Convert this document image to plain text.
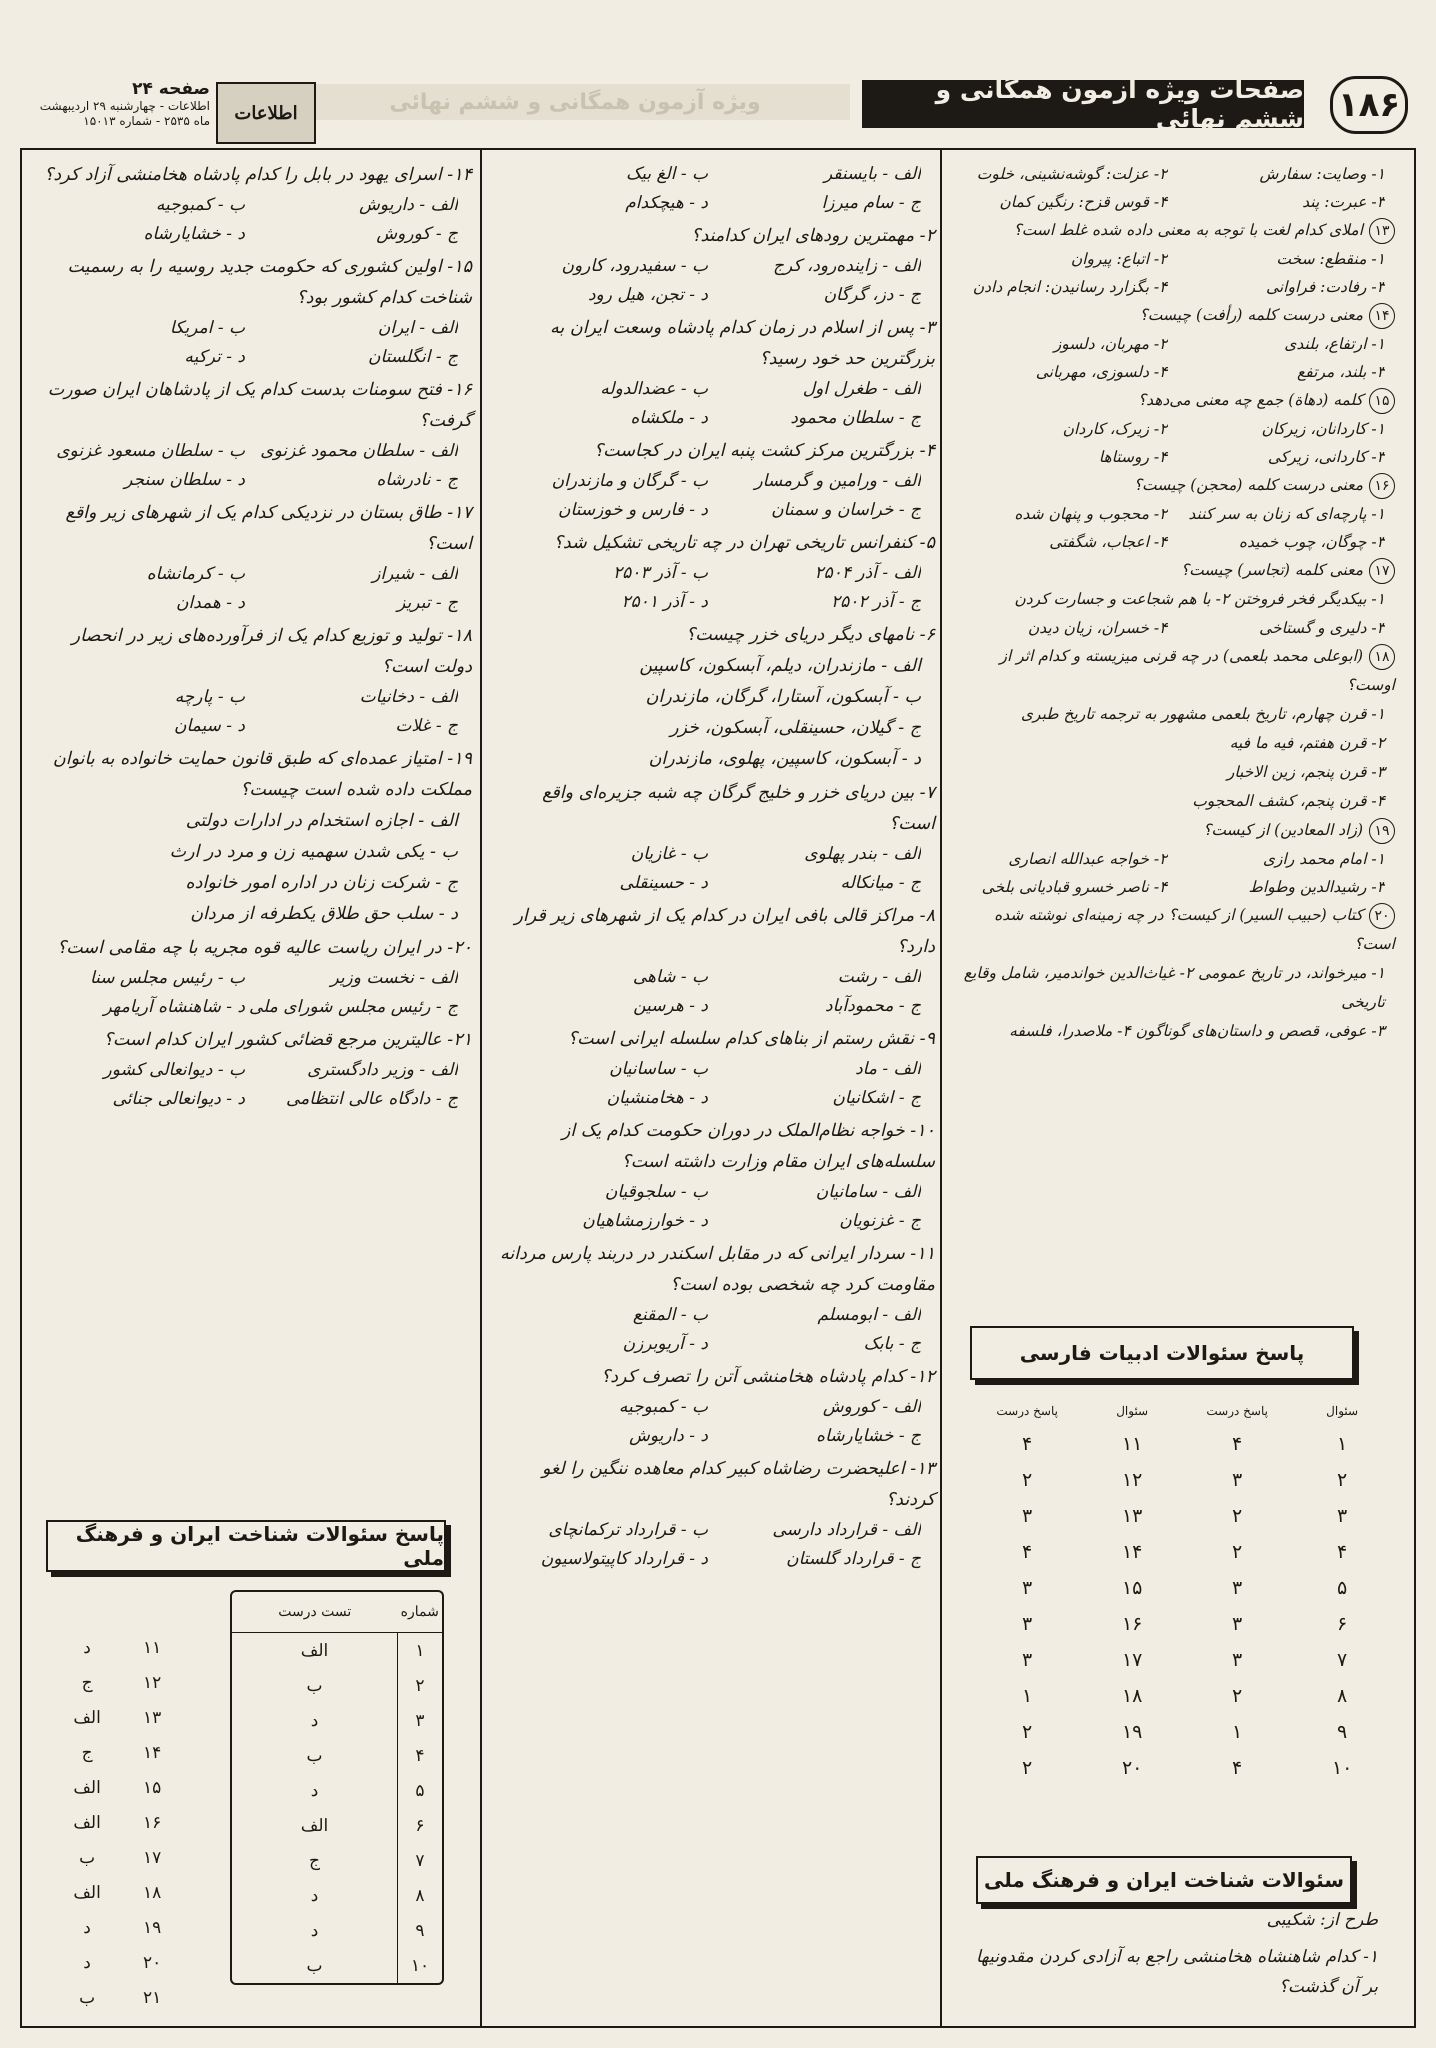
۱۸۶
صفحات ویژه آزمون همگانی و ششم نهائی
ویژه آزمون همگانی و ششم نهائی
اطلاعات
صفحه ۲۴
اطلاعات - چهارشنبه ۲۹ اردیبهشت
ماه ۲۵۳۵ - شماره ۱۵۰۱۳
۱- وصایت: سفارش
۲- عزلت: گوشه‌نشینی، خلوت
۳- عبرت: پند
۴- قوس قزح: رنگین کمان
۱۳املای کدام لغت با توجه به معنی داده شده غلط است؟
۱- منقطع: سخت
۲- اتباع: پیروان
۳- رفادت: فراوانی
۴- بگزارد رسانیدن: انجام دادن
۱۴معنی درست کلمه (رأفت) چیست؟
۱- ارتفاع، بلندی
۲- مهربان، دلسوز
۳- بلند، مرتفع
۴- دلسوزی، مهربانی
۱۵کلمه (دهاة) جمع چه معنی می‌دهد؟
۱- کاردانان، زیرکان
۲- زیرک، کاردان
۳- کاردانی، زیرکی
۴- روستاها
۱۶معنی درست کلمه (محجن) چیست؟
۱- پارچه‌ای که زنان به سر کنند
۲- محجوب و پنهان شده
۳- چوگان، چوب خمیده
۴- اعجاب، شگفتی
۱۷معنی کلمه (تجاسر) چیست؟
۱- بیکدیگر فخر فروختن ۲- با هم شجاعت و جسارت کردن
۳- دلیری و گستاخی
۴- خسران، زیان دیدن
۱۸(ابوعلی محمد بلعمی) در چه قرنی میزیسته و کدام اثر از اوست؟
۱- قرن چهارم، تاریخ بلعمی مشهور به ترجمه تاریخ طبری
۲- قرن هفتم، فیه ما فیه
۳- قرن پنجم، زین الاخبار
۴- قرن پنجم، کشف المحجوب
۱۹(زاد المعادین) از کیست؟
۱- امام محمد رازی
۲- خواجه عبدالله انصاری
۳- رشیدالدین وطواط
۴- ناصر خسرو قبادیانی بلخی
۲۰کتاب (حبیب السیر) از کیست؟ در چه زمینه‌ای نوشته شده است؟
۱- میرخواند، در تاریخ عمومی ۲- غیاث‌الدین خواندمیر، شامل وقایع تاریخی
۳- عوفی، قصص و داستان‌های گوناگون ۴- ملاصدرا، فلسفه
پاسخ سئوالات ادبیات فارسی
سئوال	پاسخ درست	سئوال	پاسخ درست
۱	۴	۱۱	۴
۲	۳	۱۲	۲
۳	۲	۱۳	۳
۴	۲	۱۴	۴
۵	۳	۱۵	۳
۶	۳	۱۶	۳
۷	۳	۱۷	۳
۸	۲	۱۸	۱
۹	۱	۱۹	۲
۱۰	۴	۲۰	۲
سئوالات شناخت ایران و فرهنگ ملی
طرح از: شکیبی
۱- کدام شاهنشاه هخامنشی راجع به آزادی کردن مقدونیها بر آن گذشت؟
الف - بایسنقر
ب - الغ بیک
ج - سام میرزا
د - هیچکدام
۲- مهمترین رودهای ایران کدامند؟
الف - زاینده‌رود، کرج
ب - سفیدرود، کارون
ج - دز، گرگان
د - تجن، هیل رود
۳- پس از اسلام در زمان کدام پادشاه وسعت ایران به بزرگترین حد خود رسید؟
الف - طغرل اول
ب - عضدالدوله
ج - سلطان محمود
د - ملکشاه
۴- بزرگترین مرکز کشت پنبه ایران در کجاست؟
الف - ورامین و گرمسار
ب - گرگان و مازندران
ج - خراسان و سمنان
د - فارس و خوزستان
۵- کنفرانس تاریخی تهران در چه تاریخی تشکیل شد؟
الف - آذر ۲۵۰۴
ب - آذر ۲۵۰۳
ج - آذر ۲۵۰۲
د - آذر ۲۵۰۱
۶- نامهای دیگر دریای خزر چیست؟
الف - مازندران، دیلم، آبسکون، کاسپین
ب - آبسکون، آستارا، گرگان، مازندران
ج - گیلان، حسینقلی، آبسکون، خزر
د - آبسکون، کاسپین، پهلوی، مازندران
۷- بین دریای خزر و خلیج گرگان چه شبه جزیره‌ای واقع است؟
الف - بندر پهلوی
ب - غازیان
ج - میانکاله
د - حسینقلی
۸- مراکز قالی بافی ایران در کدام یک از شهرهای زیر قرار دارد؟
الف - رشت
ب - شاهی
ج - محمودآباد
د - هرسین
۹- نقش رستم از بناهای کدام سلسله ایرانی است؟
الف - ماد
ب - ساسانیان
ج - اشکانیان
د - هخامنشیان
۱۰- خواجه نظام‌الملک در دوران حکومت کدام یک از سلسله‌های ایران مقام وزارت داشته است؟
الف - سامانیان
ب - سلجوقیان
ج - غزنویان
د - خوارزمشاهیان
۱۱- سردار ایرانی که در مقابل اسکندر در دربند پارس مردانه مقاومت کرد چه شخصی بوده است؟
الف - ابومسلم
ب - المقنع
ج - بابک
د - آریوبرزن
۱۲- کدام پادشاه هخامنشی آتن را تصرف کرد؟
الف - کوروش
ب - کمبوجیه
ج - خشایارشاه
د - داریوش
۱۳- اعلیحضرت رضاشاه کبیر کدام معاهده ننگین را لغو کردند؟
الف - قرارداد دارسی
ب - قرارداد ترکمانچای
ج - قرارداد گلستان
د - قرارداد کاپیتولاسیون
۱۴- اسرای یهود در بابل را کدام پادشاه هخامنشی آزاد کرد؟
الف - داریوش
ب - کمبوجیه
ج - کوروش
د - خشایارشاه
۱۵- اولین کشوری که حکومت جدید روسیه را به رسمیت شناخت کدام کشور بود؟
الف - ایران
ب - امریکا
ج - انگلستان
د - ترکیه
۱۶- فتح سومنات بدست کدام یک از پادشاهان ایران صورت گرفت؟
الف - سلطان محمود غزنوی
ب - سلطان مسعود غزنوی
ج - نادرشاه
د - سلطان سنجر
۱۷- طاق بستان در نزدیکی کدام یک از شهرهای زیر واقع است؟
الف - شیراز
ب - کرمانشاه
ج - تبریز
د - همدان
۱۸- تولید و توزیع کدام یک از فرآورده‌های زیر در انحصار دولت است؟
الف - دخانیات
ب - پارچه
ج - غلات
د - سیمان
۱۹- امتیاز عمده‌ای که طبق قانون حمایت خانواده به بانوان مملکت داده شده است چیست؟
الف - اجازه استخدام در ادارات دولتی
ب - یکی شدن سهمیه زن و مرد در ارث
ج - شرکت زنان در اداره امور خانواده
د - سلب حق طلاق یکطرفه از مردان
۲۰- در ایران ریاست عالیه قوه مجریه با چه مقامی است؟
الف - نخست وزیر
ب - رئیس مجلس سنا
ج - رئیس مجلس شورای ملی
د - شاهنشاه آریامهر
۲۱- عالیترین مرجع قضائی کشور ایران کدام است؟
الف - وزیر دادگستری
ب - دیوانعالی کشور
ج - دادگاه عالی انتظامی
د - دیوانعالی جنائی
پاسخ سئوالات شناخت ایران و فرهنگ ملی
شماره	تست درست
۱	الف
۲	ب
۳	د
۴	ب
۵	د
۶	الف
۷	ج
۸	د
۹	د
۱۰	ب
۱۱	د
۱۲	ج
۱۳	الف
۱۴	ج
۱۵	الف
۱۶	الف
۱۷	ب
۱۸	الف
۱۹	د
۲۰	د
۲۱	ب
